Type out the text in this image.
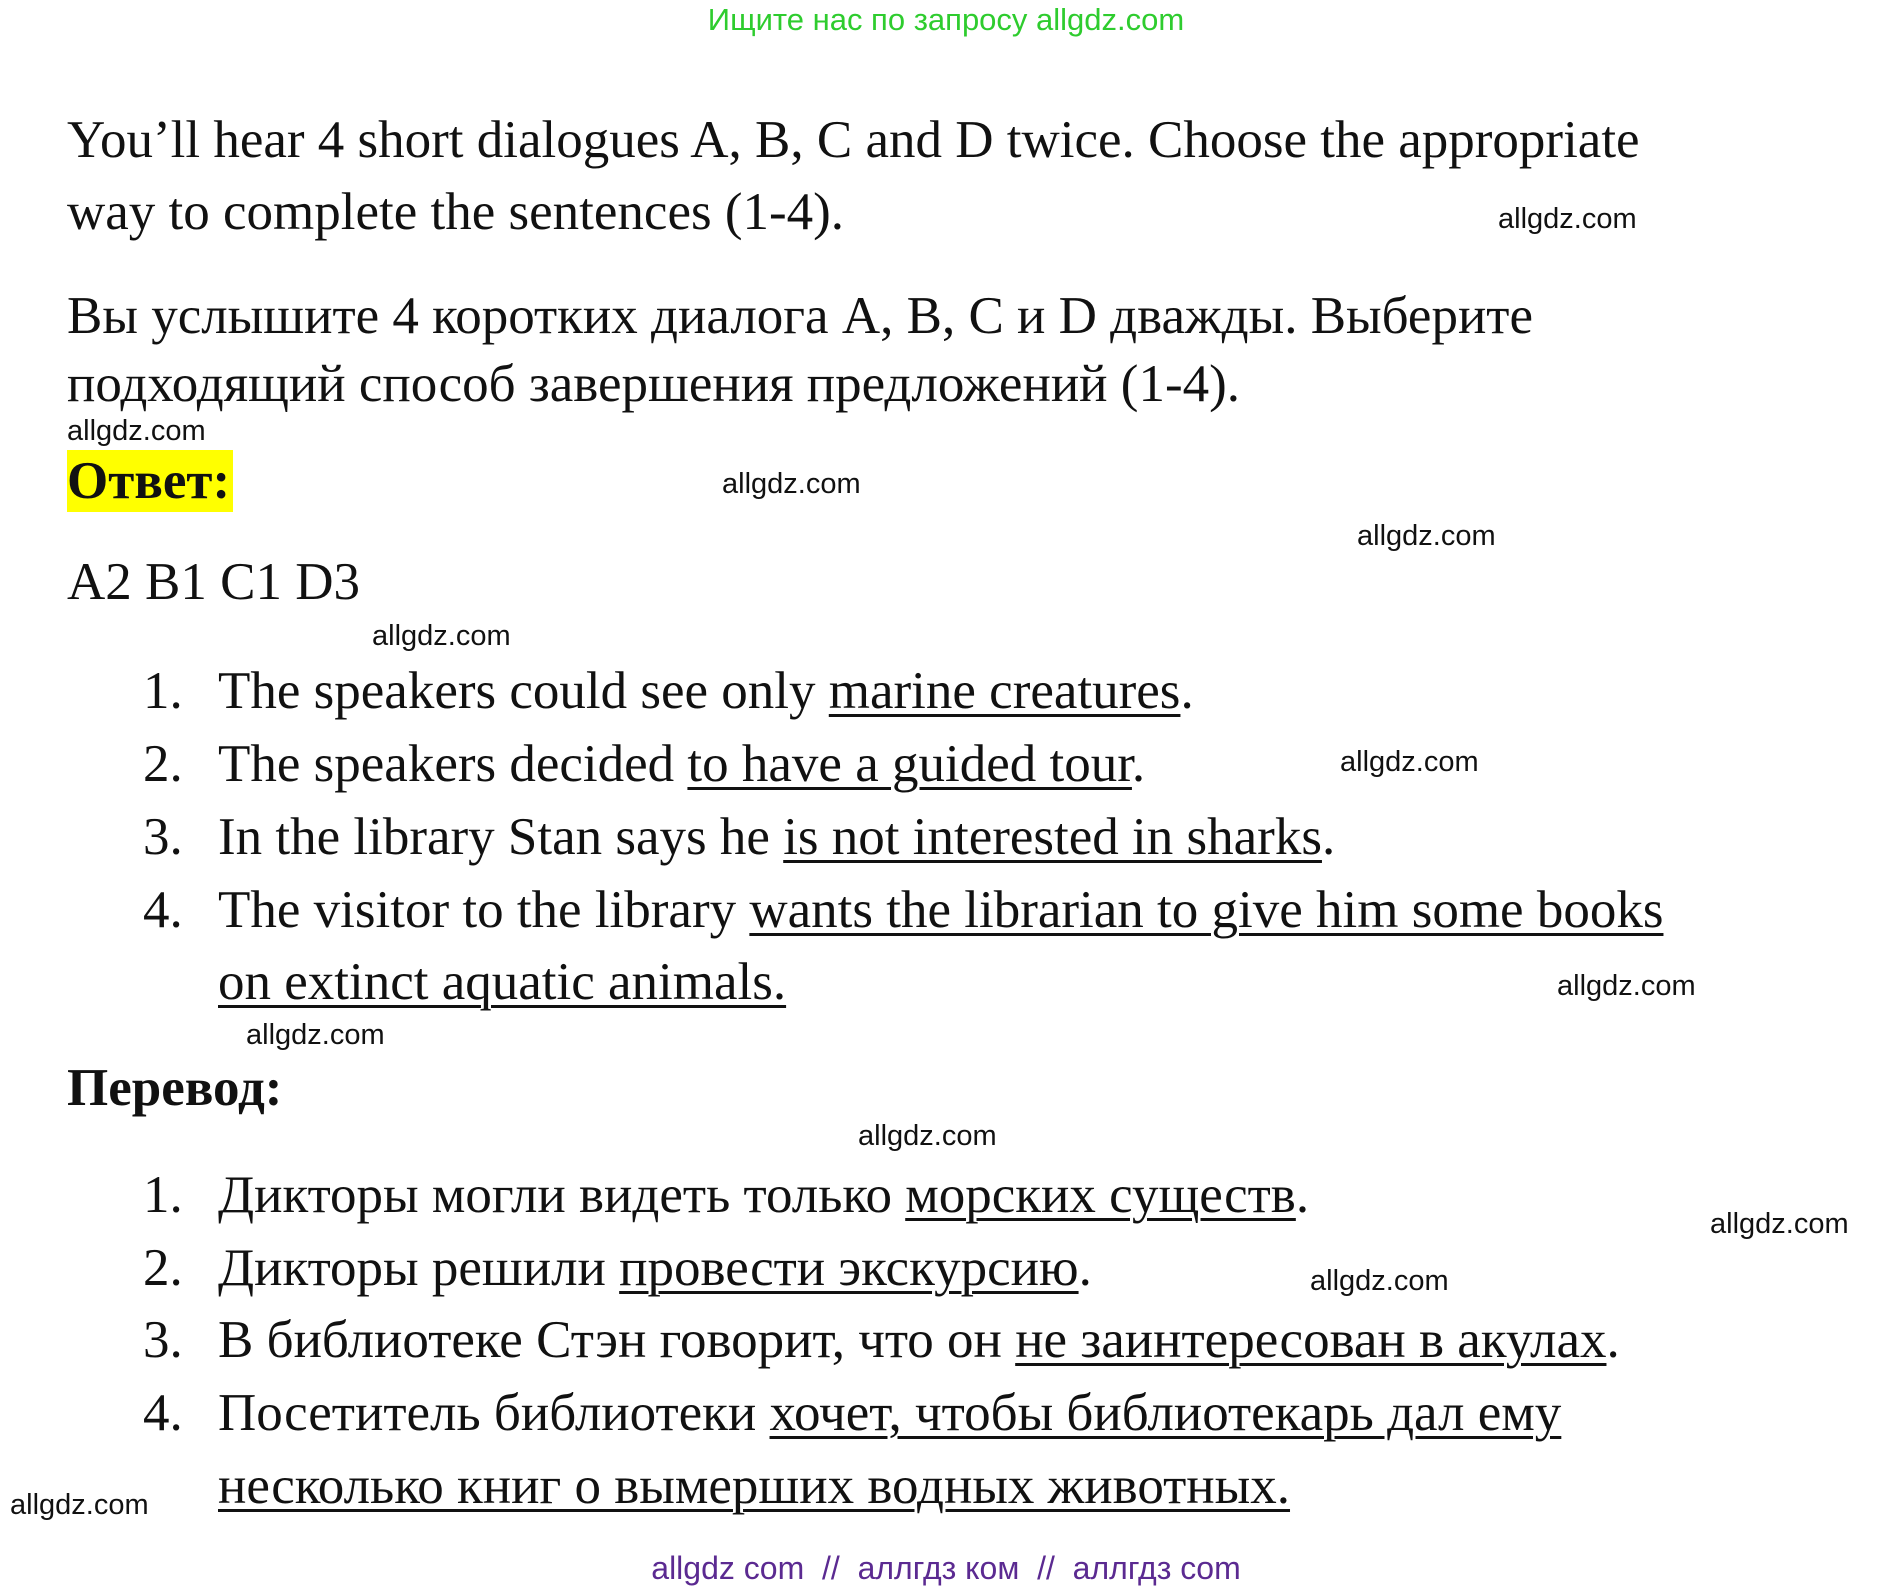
Ищите нас по запросу allgdz.com
You’ll hear 4 short dialogues A, B, C and D twice. Choose the appropriate
way to complete the sentences (1-4).
Вы услышите 4 коротких диалога A, B, C и D дважды. Выберите
подходящий способ завершения предложений (1-4).
Ответ:
A2 B1 C1 D3
1. The speakers could see only marine creatures.
2. The speakers decided to have a guided tour.
3. In the library Stan says he is not interested in sharks.
4. The visitor to the library wants the librarian to give him some books
on extinct aquatic animals.
Перевод:
1. Дикторы могли видеть только морских существ.
2. Дикторы решили провести экскурсию.
3. В библиотеке Стэн говорит, что он не заинтересован в акулах.
4. Посетитель библиотеки хочет, чтобы библиотекарь дал ему
несколько книг о вымерших водных животных.
allgdz.com
allgdz.com
allgdz.com
allgdz.com
allgdz.com
allgdz.com
allgdz.com
allgdz.com
allgdz.com
allgdz.com
allgdz.com
allgdz.com
allgdz com  //  аллгдз ком  //  аллгдз com
